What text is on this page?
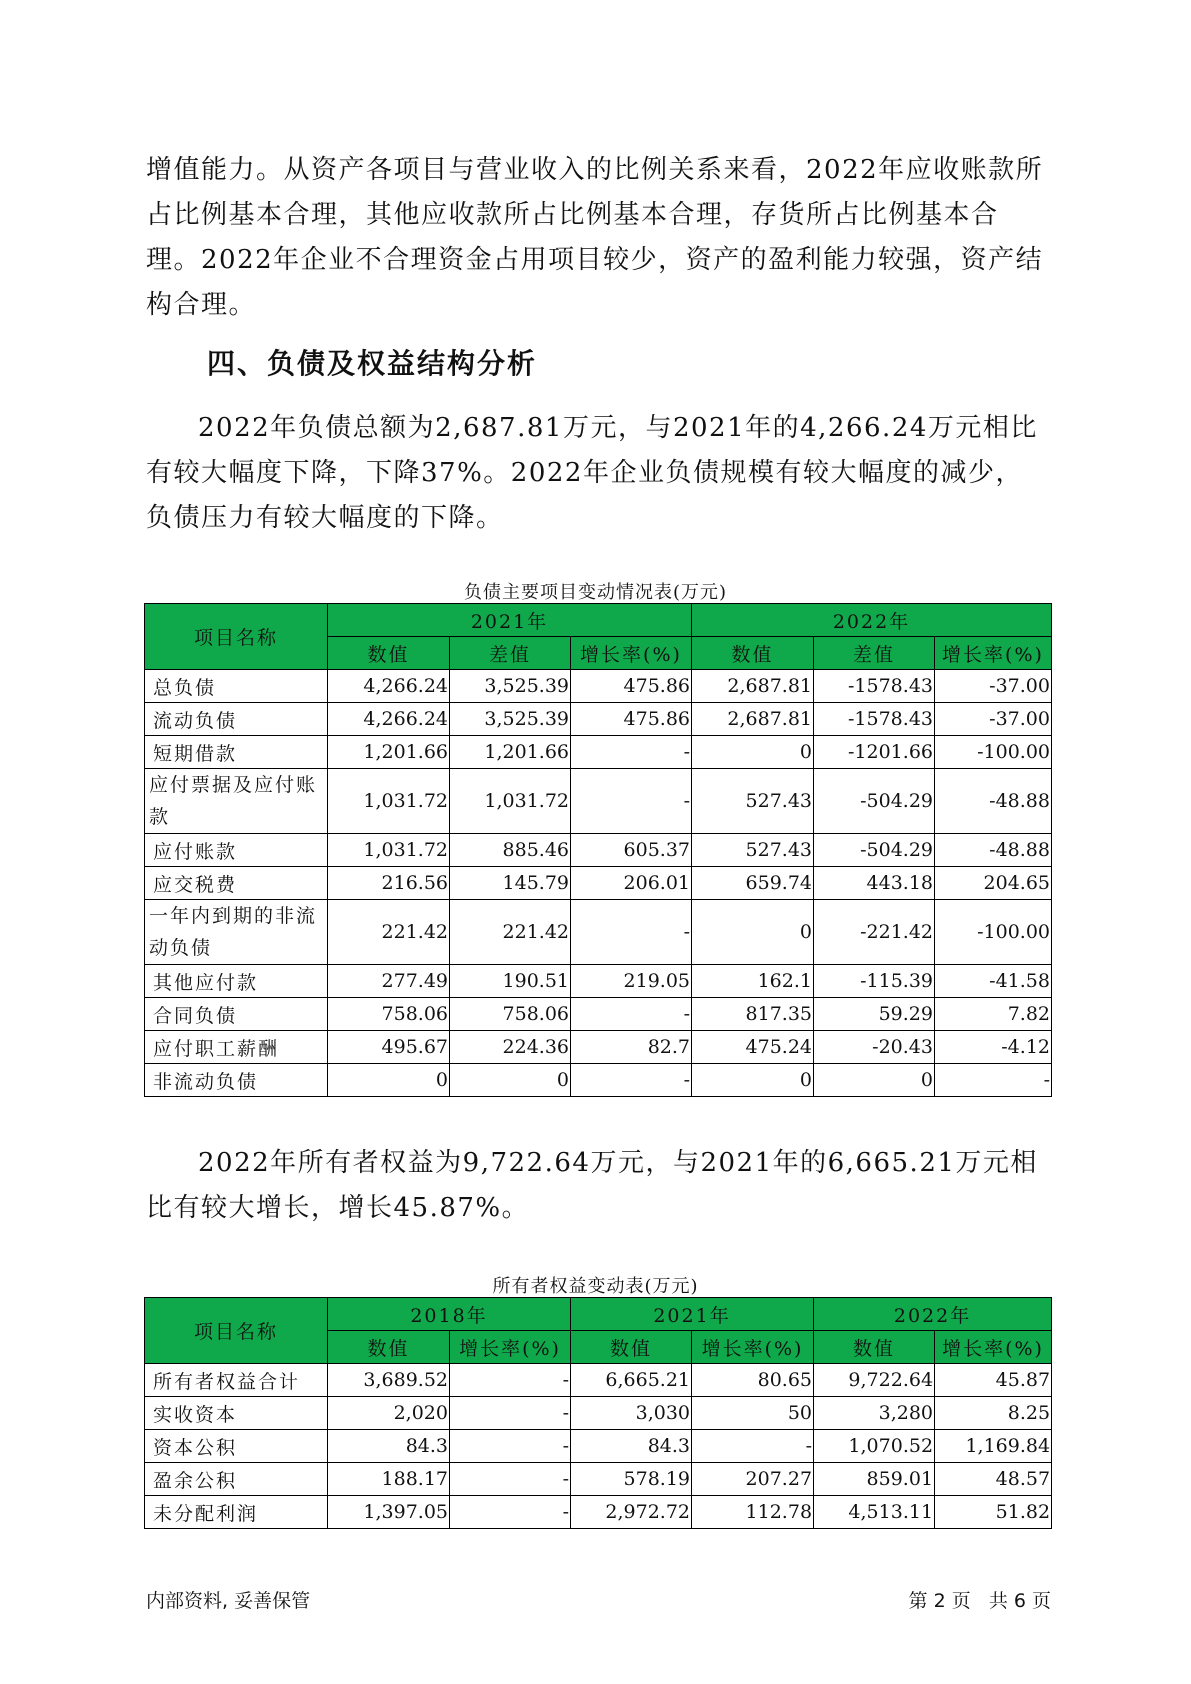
增值能力。从资产各项目与营业收入的比例关系来看，2022年应收账款所占比例基本合理，其他应收款所占比例基本合理，存货所占比例基本合理。2022年企业不合理资金占用项目较少，资产的盈利能力较强，资产结构合理。

四、负债及权益结构分析

2022年负债总额为2,687.81万元，与2021年的4,266.24万元相比有较大幅度下降，下降37%。2022年企业负债规模有较大幅度的减少，负债压力有较大幅度的下降。

负债主要项目变动情况表(万元)

项目名称	2021年			2022年		
	数值	差值	增长率(%)	数值	差值	增长率(%)
总负债	4,266.24	3,525.39	475.86	2,687.81	-1578.43	-37.00
流动负债	4,266.24	3,525.39	475.86	2,687.81	-1578.43	-37.00
短期借款	1,201.66	1,201.66	-	0	-1201.66	-100.00
应付票据及应付账款	1,031.72	1,031.72	-	527.43	-504.29	-48.88
应付账款	1,031.72	885.46	605.37	527.43	-504.29	-48.88
应交税费	216.56	145.79	206.01	659.74	443.18	204.65
一年内到期的非流动负债	221.42	221.42	-	0	-221.42	-100.00
其他应付款	277.49	190.51	219.05	162.1	-115.39	-41.58
合同负债	758.06	758.06	-	817.35	59.29	7.82
应付职工薪酬	495.67	224.36	82.7	475.24	-20.43	-4.12
非流动负债	0	0	-	0	0	-

2022年所有者权益为9,722.64万元，与2021年的6,665.21万元相比有较大增长，增长45.87%。

所有者权益变动表(万元)

项目名称	2018年		2021年		2022年	
	数值	增长率(%)	数值	增长率(%)	数值	增长率(%)
所有者权益合计	3,689.52	-	6,665.21	80.65	9,722.64	45.87
实收资本	2,020	-	3,030	50	3,280	8.25
资本公积	84.3	-	84.3	-	1,070.52	1,169.84
盈余公积	188.17	-	578.19	207.27	859.01	48.57
未分配利润	1,397.05	-	2,972.72	112.78	4,513.11	51.82

内部资料, 妥善保管	第 2 页   共 6 页
